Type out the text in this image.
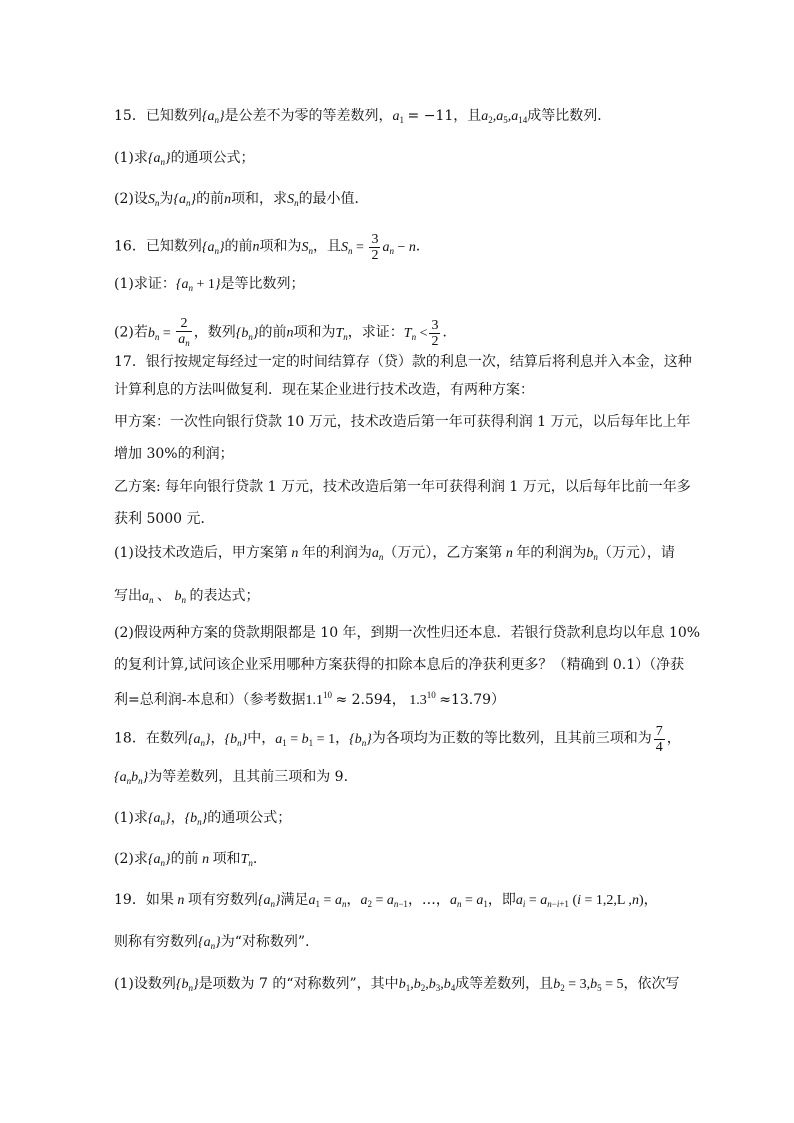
15．已知数列$\{a_n\}$是公差不为零的等差数列，$a_1 = -11$，且$a_2,a_5,a_{14}$成等比数列．
(1)求$\{a_n\}$的通项公式；
(2)设$S_n$为$\{a_n\}$的前n项和，求$S_n$的最小值．
16．已知数列$\{a_n\}$的前n项和为$S_n$，且$S_n = \frac{3}{2} a_n - n$．
(1)求证：$\{a_n + 1\}$是等比数列；
(2)若$b_n = \frac{2}{a_n}$ ，数列$\{b_n\}$的前n项和为$T_n$，求证：$T_n < \frac{3}{2}$ ．
17．银行按规定每经过一定的时间结算存（贷）款的利息一次，结算后将利息并入本金，这种
计算利息的方法叫做复利．现在某企业进行技术改造，有两种方案：
甲方案：一次性向银行贷款 10 万元，技术改造后第一年可获得利润 1 万元，以后每年比上年
增加 30%的利润；
乙方案: 每年向银行贷款 1 万元，技术改造后第一年可获得利润 1 万元，以后每年比前一年多
获利 5000 元．
(1)设技术改造后，甲方案第 n 年的利润为$a_n$（万元），乙方案第 n 年的利润为$b_n$（万元），请
写出$a_n$ 、 $b_n$ 的表达式；
(2)假设两种方案的贷款期限都是 10 年，到期一次性归还本息．若银行贷款利息均以年息 10%
的复利计算,试问该企业采用哪种方案获得的扣除本息后的净获利更多？（精确到 0.1）（净获
利=总利润-本息和）（参考数据$1.1^{10} \approx 2.594$， $1.3^{10} \approx 13.79$）
18．在数列$\{a_n\}$，$\{b_n\}$中，$a_1 = b_1 = 1$，$\{b_n\}$为各项均为正数的等比数列，且其前三项和为 $\frac{7}{4}$ ，
$\{a_nb_n\}$为等差数列，且其前三项和为 9.
(1)求$\{a_n\}$，$\{b_n\}$的通项公式；
(2)求$\{a_n\}$的前 n 项和$T_n$.
19．如果 n 项有穷数列$\{a_n\}$满足$a_1 = a_n$，$a_2 = a_{n-1}$，…，$a_n = a_1$，即$a_i = a_{n-i+1}$ (i = 1,2,L ,n)，
则称有穷数列$\{a_n\}$为“对称数列”.
(1)设数列$\{b_n\}$是项数为 7 的“对称数列”，其中$b_1,b_2,b_3,b_4$成等差数列，且$b_2 = 3,b_5 = 5$，依次写
